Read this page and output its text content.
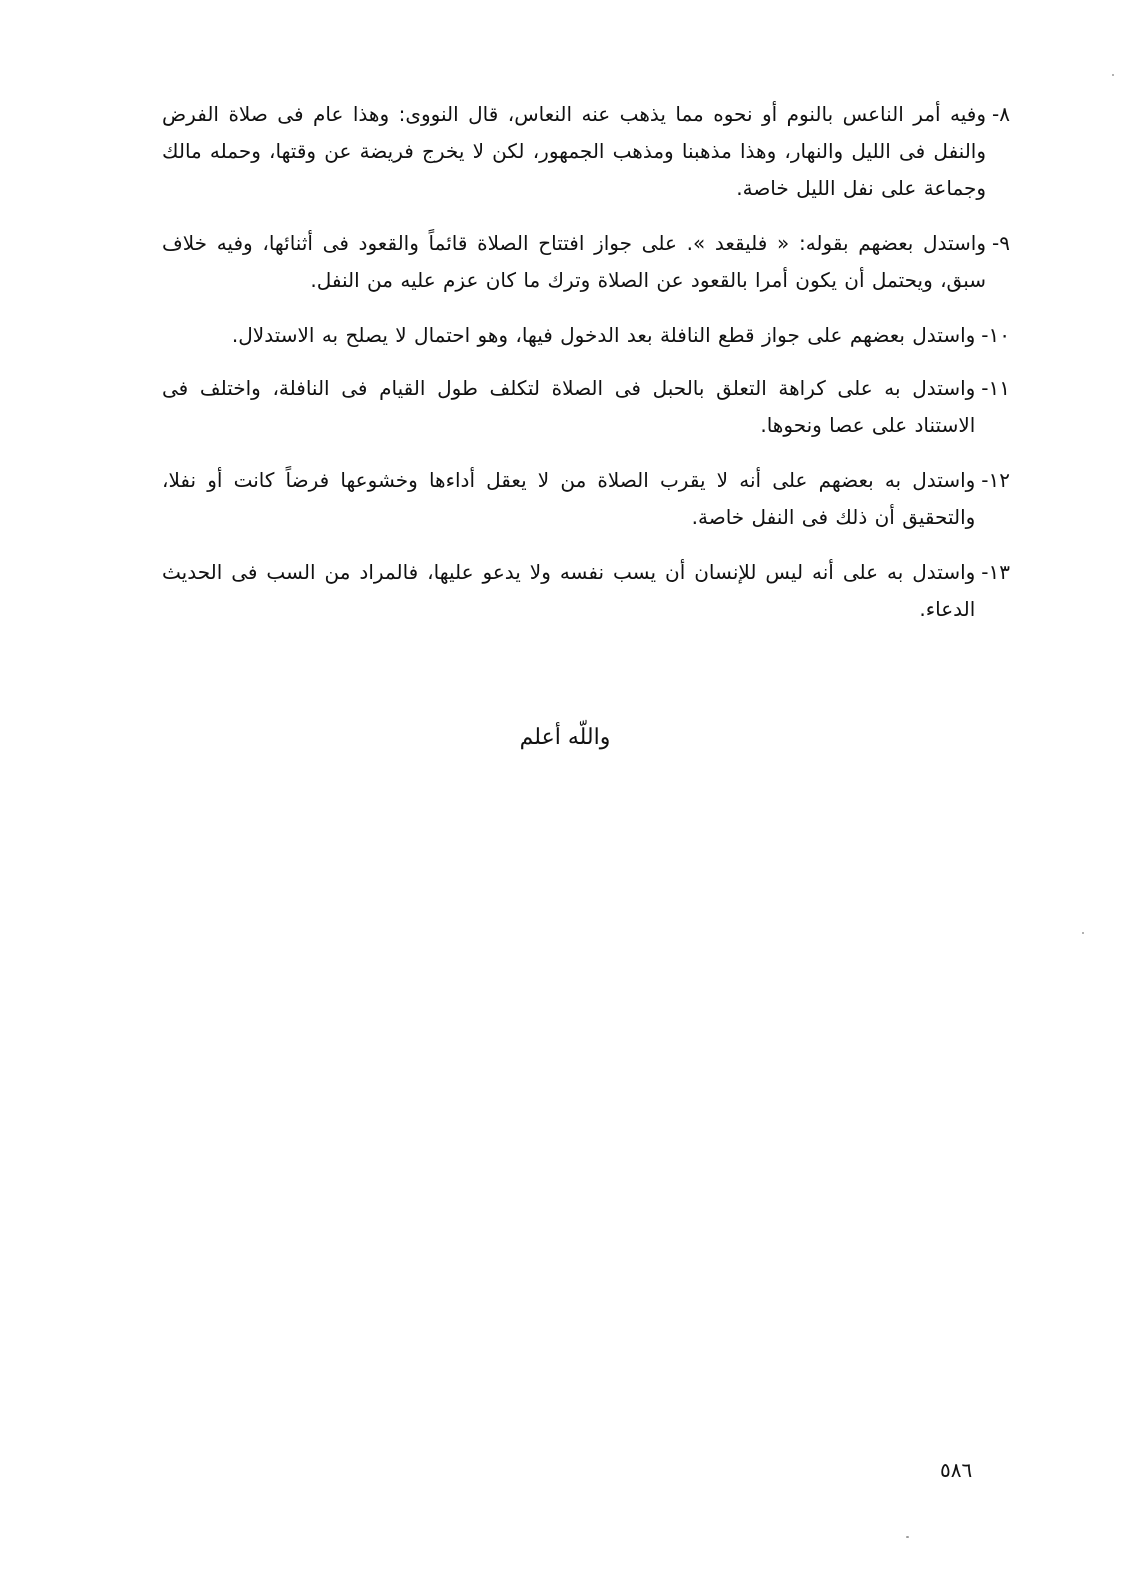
٨-
وفيه أمر الناعس بالنوم أو نحوه مما يذهب عنه النعاس، قال النووى: وهذا عام فى صلاة الفرض والنفل فى الليل والنهار، وهذا مذهبنا ومذهب الجمهور، لكن لا يخرج فريضة عن وقتها، وحمله مالك وجماعة على نفل الليل خاصة.
٩-
واستدل بعضهم بقوله: « فليقعد ». على جواز افتتاح الصلاة قائماً والقعود فى أثنائها، وفيه خلاف سبق، ويحتمل أن يكون أمرا بالقعود عن الصلاة وترك ما كان عزم عليه من النفل.
١٠-
واستدل بعضهم على جواز قطع النافلة بعد الدخول فيها، وهو احتمال لا يصلح به الاستدلال.
١١-
واستدل به على كراهة التعلق بالحبل فى الصلاة لتكلف طول القيام فى النافلة، واختلف فى الاستناد على عصا ونحوها.
١٢-
واستدل به بعضهم على أنه لا يقرب الصلاة من لا يعقل أداءها وخشوعها فرضاً كانت أو نفلا، والتحقيق أن ذلك فى النفل خاصة.
١٣-
واستدل به على أنه ليس للإنسان أن يسب نفسه ولا يدعو عليها، فالمراد من السب فى الحديث الدعاء.
واللّه أعلم
٥٨٦
